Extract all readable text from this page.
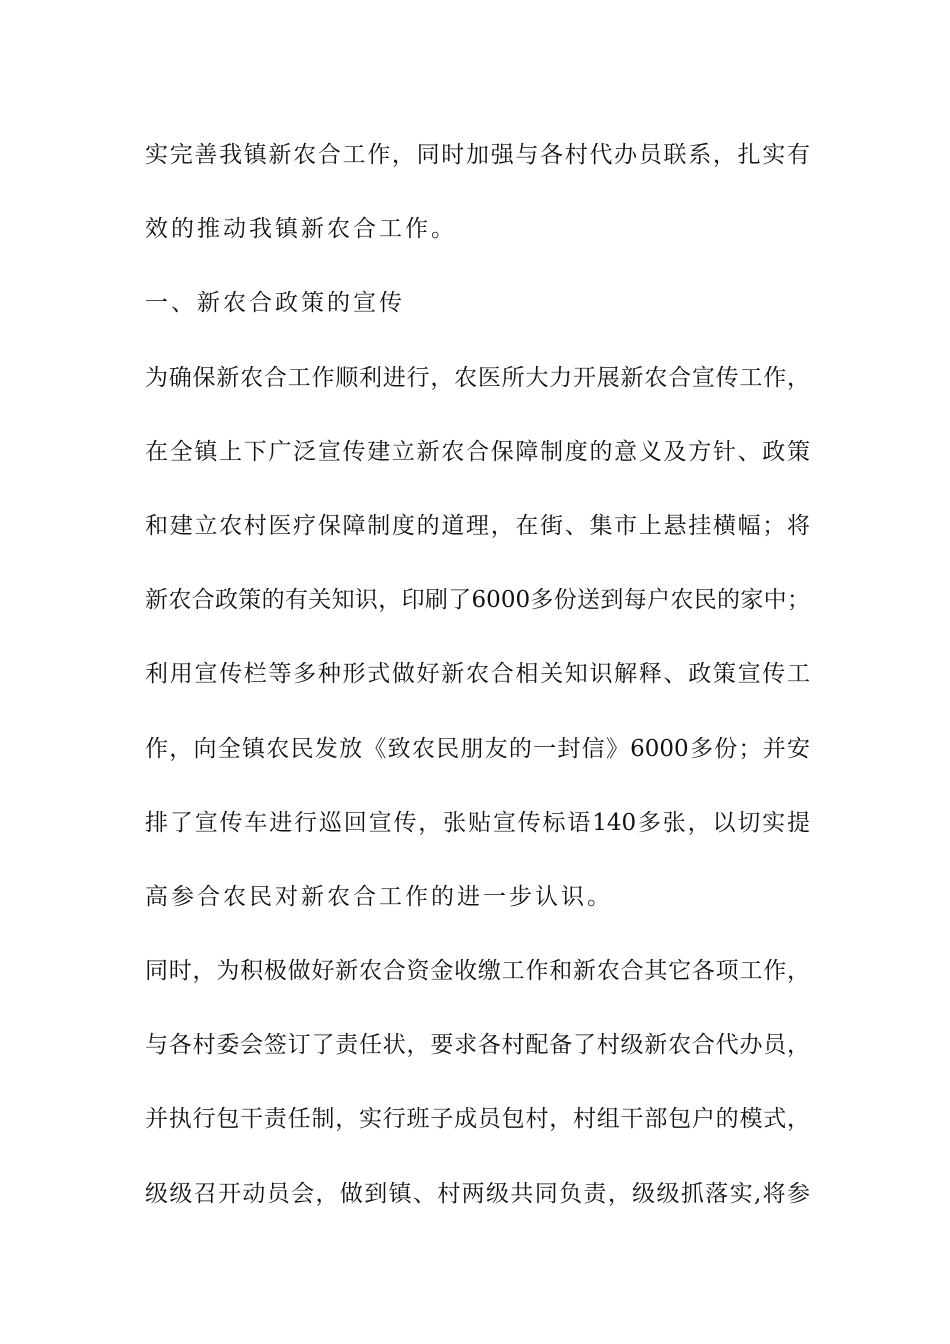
实完善我镇新农合工作，同时加强与各村代办员联系，扎实有
效的推动我镇新农合工作。
一、新农合政策的宣传
为确保新农合工作顺利进行，农医所大力开展新农合宣传工作，
在全镇上下广泛宣传建立新农合保障制度的意义及方针、政策
和建立农村医疗保障制度的道理，在街、集市上悬挂横幅；将
新农合政策的有关知识，印刷了6000多份送到每户农民的家中；
利用宣传栏等多种形式做好新农合相关知识解释、政策宣传工
作，向全镇农民发放《致农民朋友的一封信》6000多份；并安
排了宣传车进行巡回宣传，张贴宣传标语140多张，以切实提
高参合农民对新农合工作的进一步认识。
同时，为积极做好新农合资金收缴工作和新农合其它各项工作，
与各村委会签订了责任状，要求各村配备了村级新农合代办员，
并执行包干责任制，实行班子成员包村，村组干部包户的模式，
级级召开动员会，做到镇、村两级共同负责，级级抓落实,将参
